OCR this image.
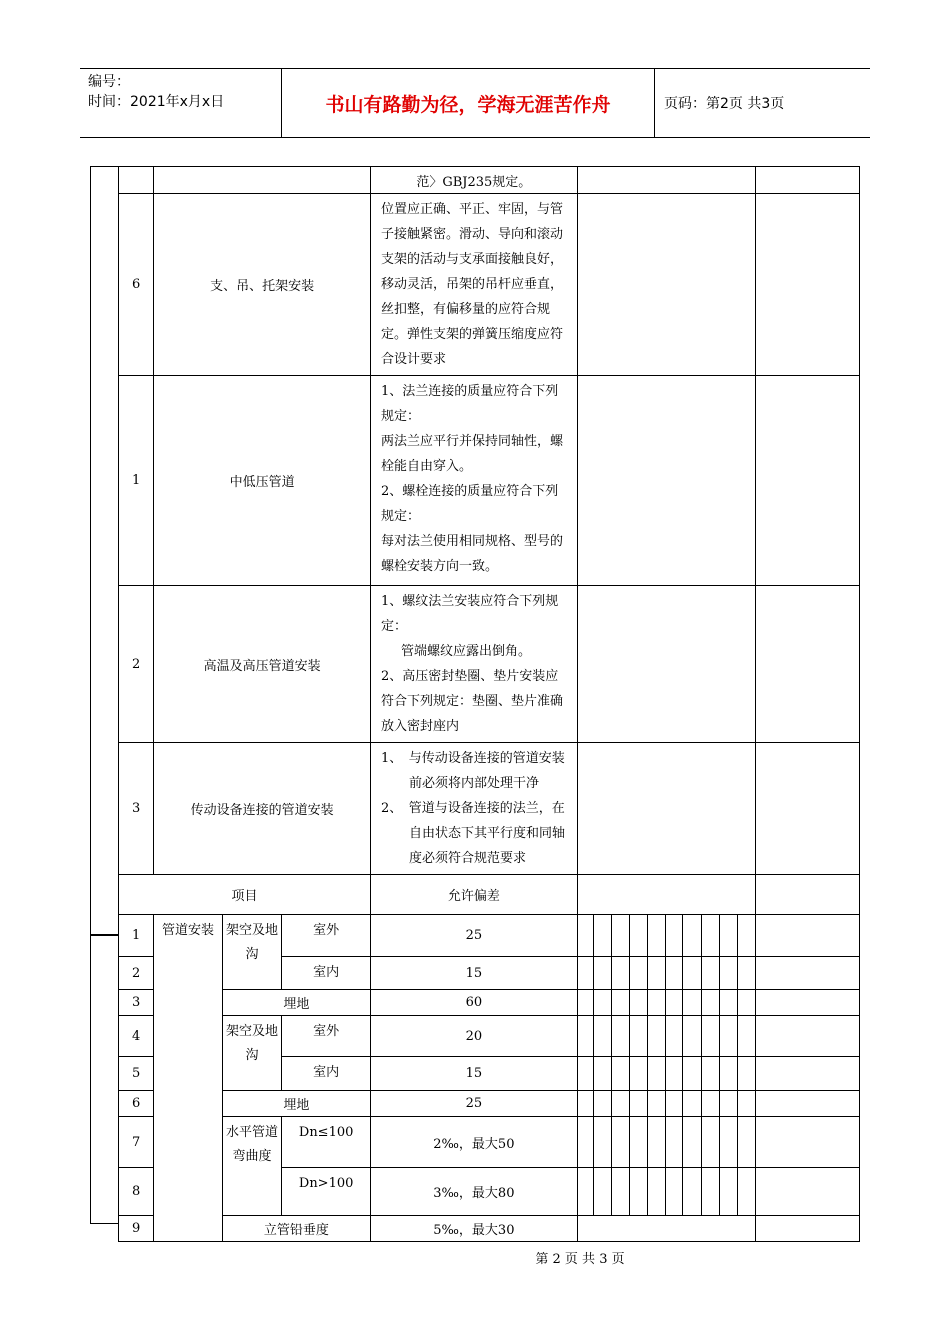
编号：
时间：2021年x月x日	书山有路勤为径，学海无涯苦作舟	页码：第2页 共3页
				范〉GBJ235规定。											
6	支、吊、托架安装			位置应正确、平正、牢固，与管子接触紧密。滑动、导向和滚动支架的活动与支承面接触良好，移动灵活，吊架的吊杆应垂直，丝扣整，有偏移量的应符合规定。弹性支架的弹簧压缩度应符合设计要求											

1	中低压管道			1、法兰连接的质量应符合下列规定：
两法兰应平行并保持同轴性，螺栓能自由穿入。
2、螺栓连接的质量应符合下列规定：
每对法兰使用相同规格、型号的螺栓安装方向一致。											

2	高温及高压管道安装			1、螺纹法兰安装应符合下列规定：
管端螺纹应露出倒角。
2、高压密封垫圈、垫片安装应符合下列规定：垫圈、垫片准确放入密封座内											

3	传动设备连接的管道安装			1、　与传动设备连接的管道安装前必须将内部处理干净
2、　管道与设备连接的法兰，在自由状态下其平行度和同轴度必须符合规范要求											

项目				允许偏差											
1	管道安装	架空及地沟	室外	25											
2			室内	15											
3		埋地		60											
4		架空及地沟	室外	20											
5			室内	15											
6		埋地		25											
7		水平管道弯曲度	Dn≤100	2‰，最大50											
8			Dn>100	3‰，最大80											
9		立管铅垂度		5‰，最大30											
第 2 页 共 3 页
